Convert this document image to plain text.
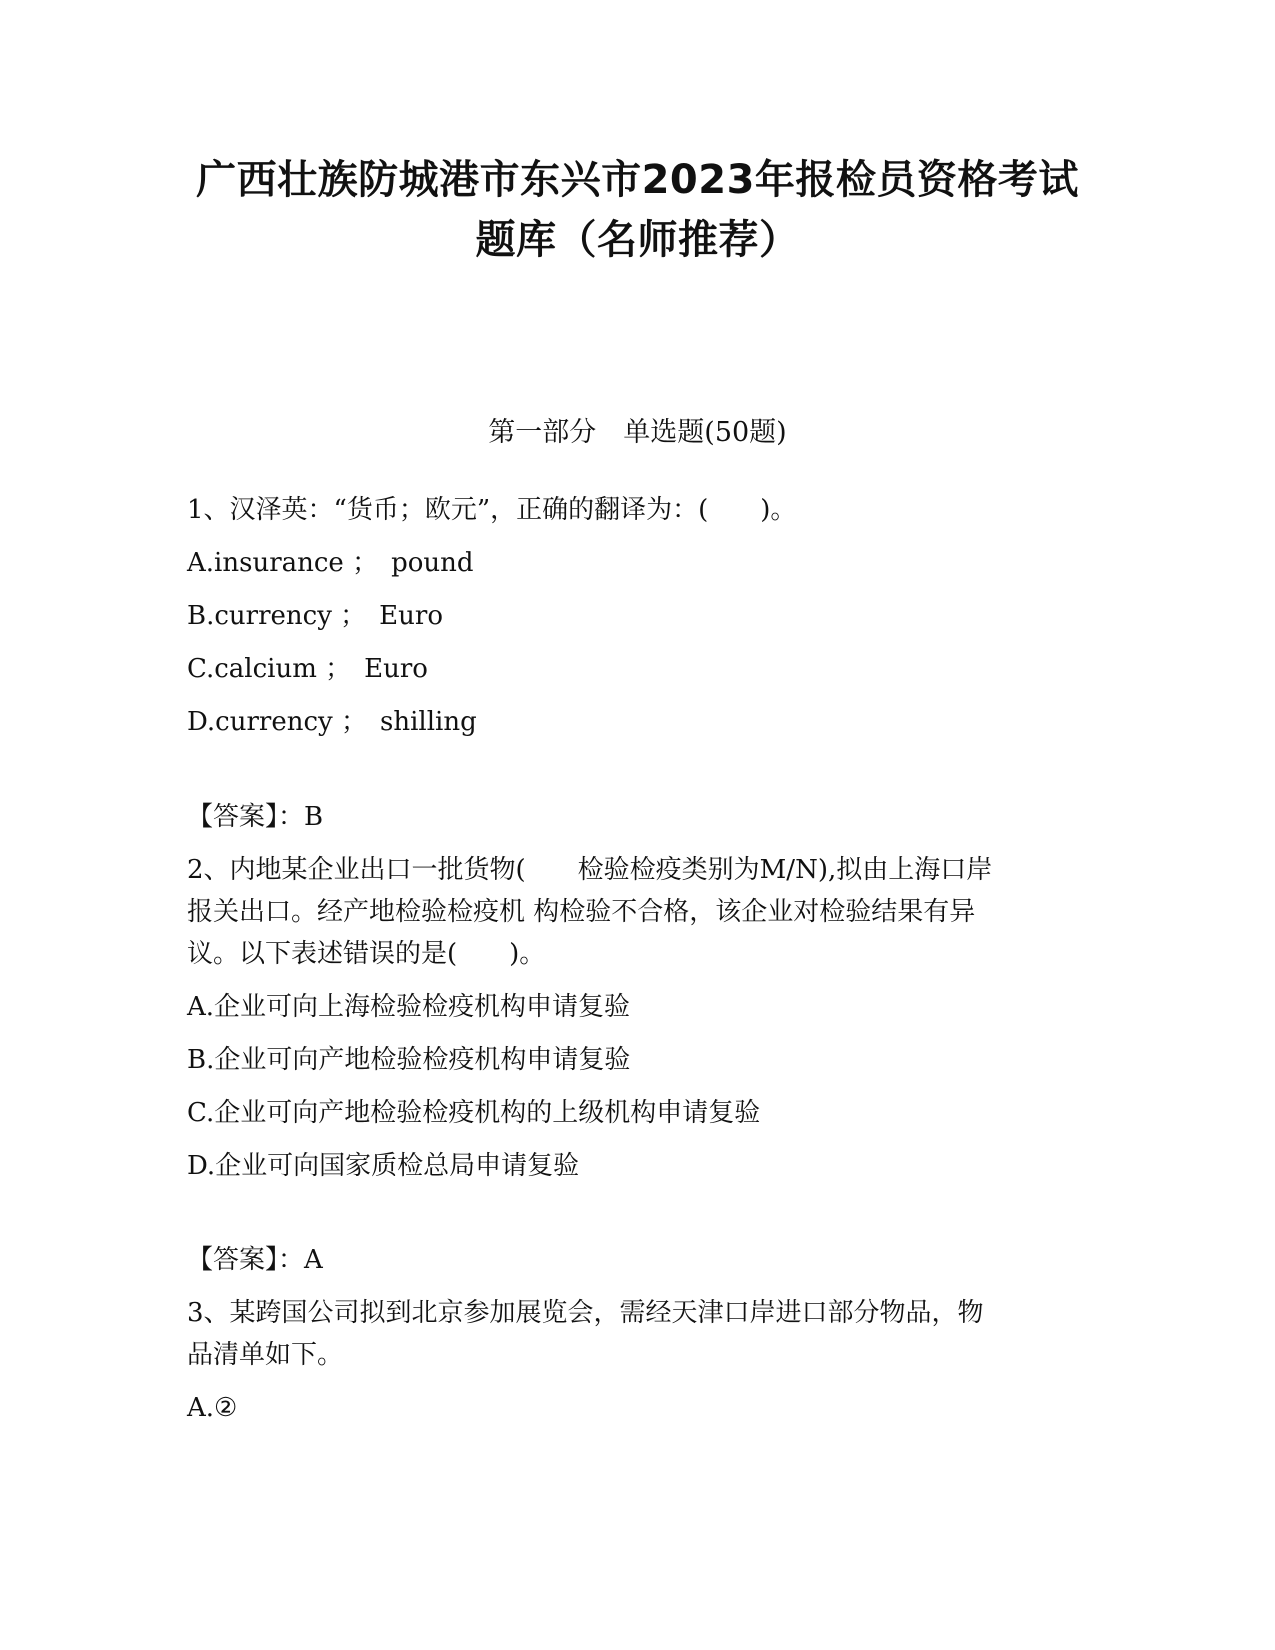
广西壮族防城港市东兴市2023年报检员资格考试
题库（名师推荐）
第一部分　单选题(50题)
1、汉泽英：“货币；欧元”，正确的翻译为：(　　)。
A.insurance ；　pound
B.currency ；　Euro
C.calcium ；　Euro
D.currency ；　shilling
【答案】：B
2、内地某企业出口一批货物(　　检验检疫类别为M/N),拟由上海口岸
报关出口。经产地检验检疫机 构检验不合格，该企业对检验结果有异
议。以下表述错误的是(　　)。
A.企业可向上海检验检疫机构申请复验
B.企业可向产地检验检疫机构申请复验
C.企业可向产地检验检疫机构的上级机构申请复验
D.企业可向国家质检总局申请复验
【答案】：A
3、某跨国公司拟到北京参加展览会，需经天津口岸进口部分物品，物
品清单如下。
A.②
